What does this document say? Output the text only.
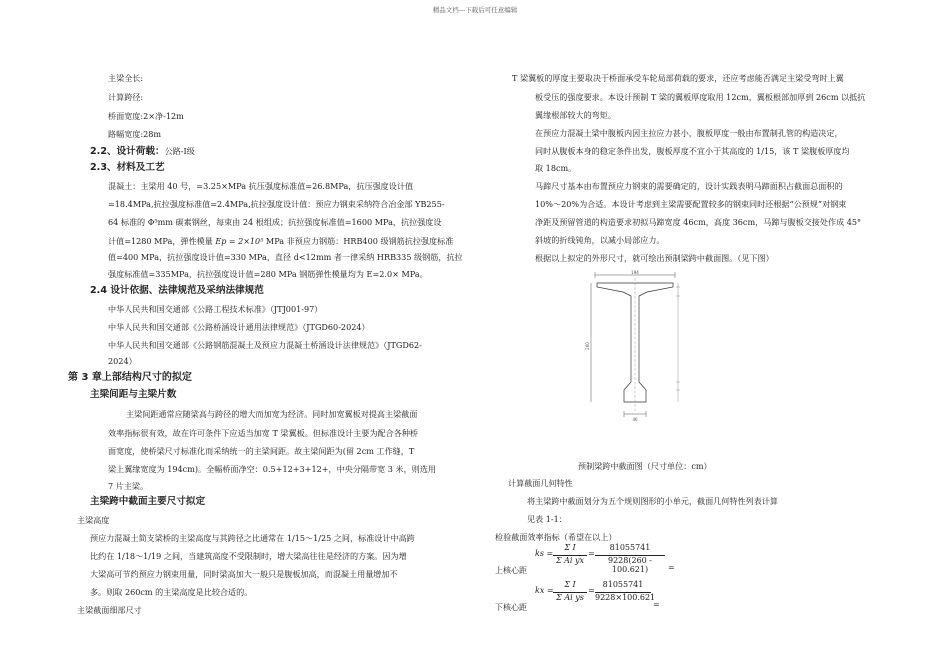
精品文档---下载后可任意编辑
主梁全长:
计算跨径:
桥面宽度:2×净-12m
路幅宽度:28m
2.2、设计荷载：公路-I级
2.3、材料及工艺
混凝土：主梁用 40 号，=3.25×MPa 抗压强度标准值=26.8MPa，抗压强度设计值
=18.4MPa,抗拉强度标准值=2.4MPa,抗拉强度设计值：预应力钢束采纳符合冶金部 YB255-
64 标准的 Φ⁵mm 碳素钢丝，每束由 24 根组成；抗拉强度标准值=1600 MPa，抗拉强度设
计值=1280 MPa，弹性模量 Ep = 2×10⁵ MPa 非预应力钢筋：HRB400 级钢筋抗拉强度标准
值=400 MPa，抗拉强度设计值=330 MPa，直径 d<12mm 者一律采纳 HRB335 级钢筋，抗拉
强度标准值=335MPa，抗拉强度设计值=280 MPa 钢筋弹性模量均为 E=2.0× MPa。
2.4 设计依据、法律规范及采纳法律规范
中华人民共和国交通部《公路工程技术标准》（JTJ001-97）
中华人民共和国交通部《公路桥涵设计通用法律规范》（JTGD60-2024）
中华人民共和国交通部《公路钢筋混凝土及预应力混凝土桥涵设计法律规范》（JTGD62-
2024）
第 3 章上部结构尺寸的拟定
主梁间距与主梁片数
主梁间距通常应随梁高与跨径的增大而加宽为经济。同时加宽翼板对提高主梁截面
效率指标很有效，故在许可条件下应适当加宽 T 梁翼板。但标准设计主要为配合各种桥
面宽度，使桥梁尺寸标准化而采纳统一的主梁间距。故主梁间距为(留 2cm 工作缝，T
梁上翼缘宽度为 194cm)。全幅桥面净空：0.5+12+3+12+，中央分隔带宽 3 米，则选用
7 片主梁。
主梁跨中截面主要尺寸拟定
主梁高度
预应力混凝土简支梁桥的主梁高度与其跨径之比通常在 1/15～1/25 之间，标准设计中高跨
比约在 1/18～1/19 之间，当建筑高度不受限制时，增大梁高往往是经济的方案。因为增
大梁高可节约预应力钢束用量，同时梁高加大一般只是腹板加高，而混凝土用量增加不
多。则取 260cm 的主梁高度是比较合适的。
主梁截面细部尺寸
T 梁翼板的厚度主要取决于桥面承受车轮局部荷载的要求，还应考虑能否满足主梁受弯时上翼
板受压的强度要求。本设计预制 T 梁的翼板厚度取用 12cm，翼板根部加厚到 26cm 以抵抗
翼缘根部较大的弯矩。
在预应力混凝土梁中腹板内因主拉应力甚小，腹板厚度一般由布置制孔管的构造决定，
同时从腹板本身的稳定条件出发，腹板厚度不宜小于其高度的 1/15，该 T 梁腹板厚度均
取 18cm。
马蹄尺寸基本由布置预应力钢束的需要确定的，设计实践表明马蹄面积占截面总面积的
10%～20%为合适。本设计考虑到主梁需要配置较多的钢束同时还根据“公预规”对钢束
净距及预留管道的构造要求初拟马蹄宽度 46cm，高度 36cm，马蹄与腹板交接处作成 45°
斜坡的折线钝角，以减小局部应力。
根据以上拟定的外形尺寸，就可绘出预制梁跨中截面图。（见下图）
194
260
46
预制梁跨中截面图（尺寸单位：cm）
计算截面几何特性
将主梁跨中截面划分为五个规则图形的小单元，截面几何特性列表计算
见表 1-1：
检验截面效率指标（希望在以上）
上核心距
ks =
Σ I
Σ Ai yx
=
81055741
9228(260 - 100.621)	=
下核心距
kx =
Σ I
Σ Ai ys
=
81055741
9228×100.621
=
